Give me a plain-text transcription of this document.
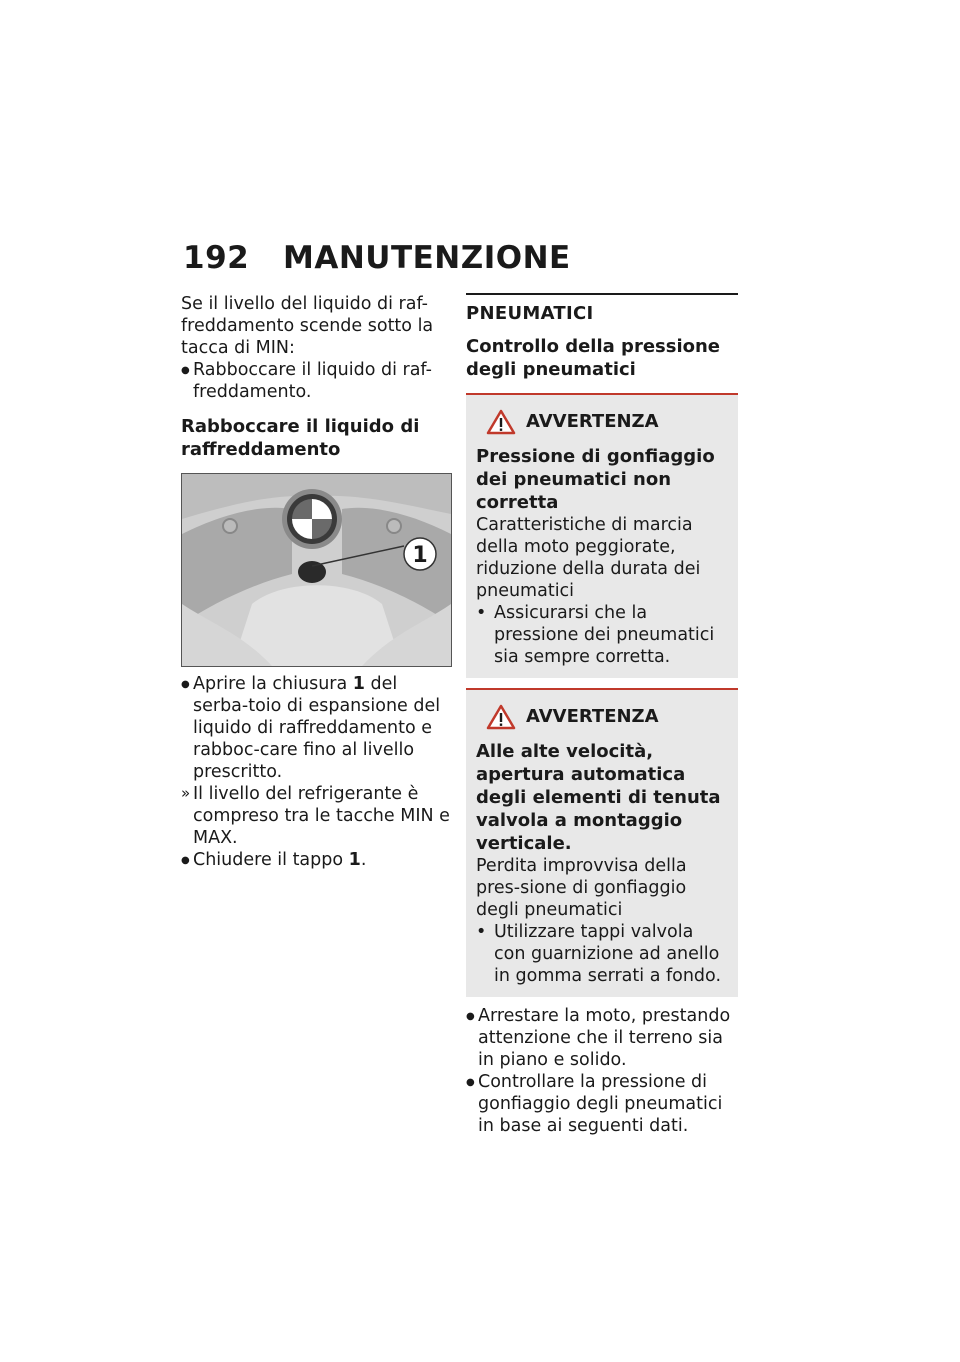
192	MANUTENZIONE

Se il livello del liquido di raf-freddamento scende sotto la tacca di MIN:

Rabboccare il liquido di raf-freddamento.

Rabboccare il liquido di raffreddamento

1
Aprire la chiusura 1 del serba-toio di espansione del liquido di raffreddamento e rabboc-care fino al livello prescritto.
» Il livello del refrigerante è compreso tra le tacche MIN e MAX.
Chiudere il tappo 1.
PNEUMATICI

Controllo della pressione degli pneumatici

AVVERTENZA

Pressione di gonfiaggio dei pneumatici non corretta

Caratteristiche di marcia della moto peggiorate, riduzione della durata dei pneumatici

• Assicurarsi che la pressione dei pneumatici sia sempre corretta.
AVVERTENZA

Alle alte velocità, apertura automatica degli elementi di tenuta valvola a montaggio verticale.

Perdita improvvisa della pres-sione di gonfiaggio degli pneumatici

• Utilizzare tappi valvola con guarnizione ad anello in gomma serrati a fondo.
Arrestare la moto, prestando attenzione che il terreno sia in piano e solido.
Controllare la pressione di gonfiaggio degli pneumatici in base ai seguenti dati.
